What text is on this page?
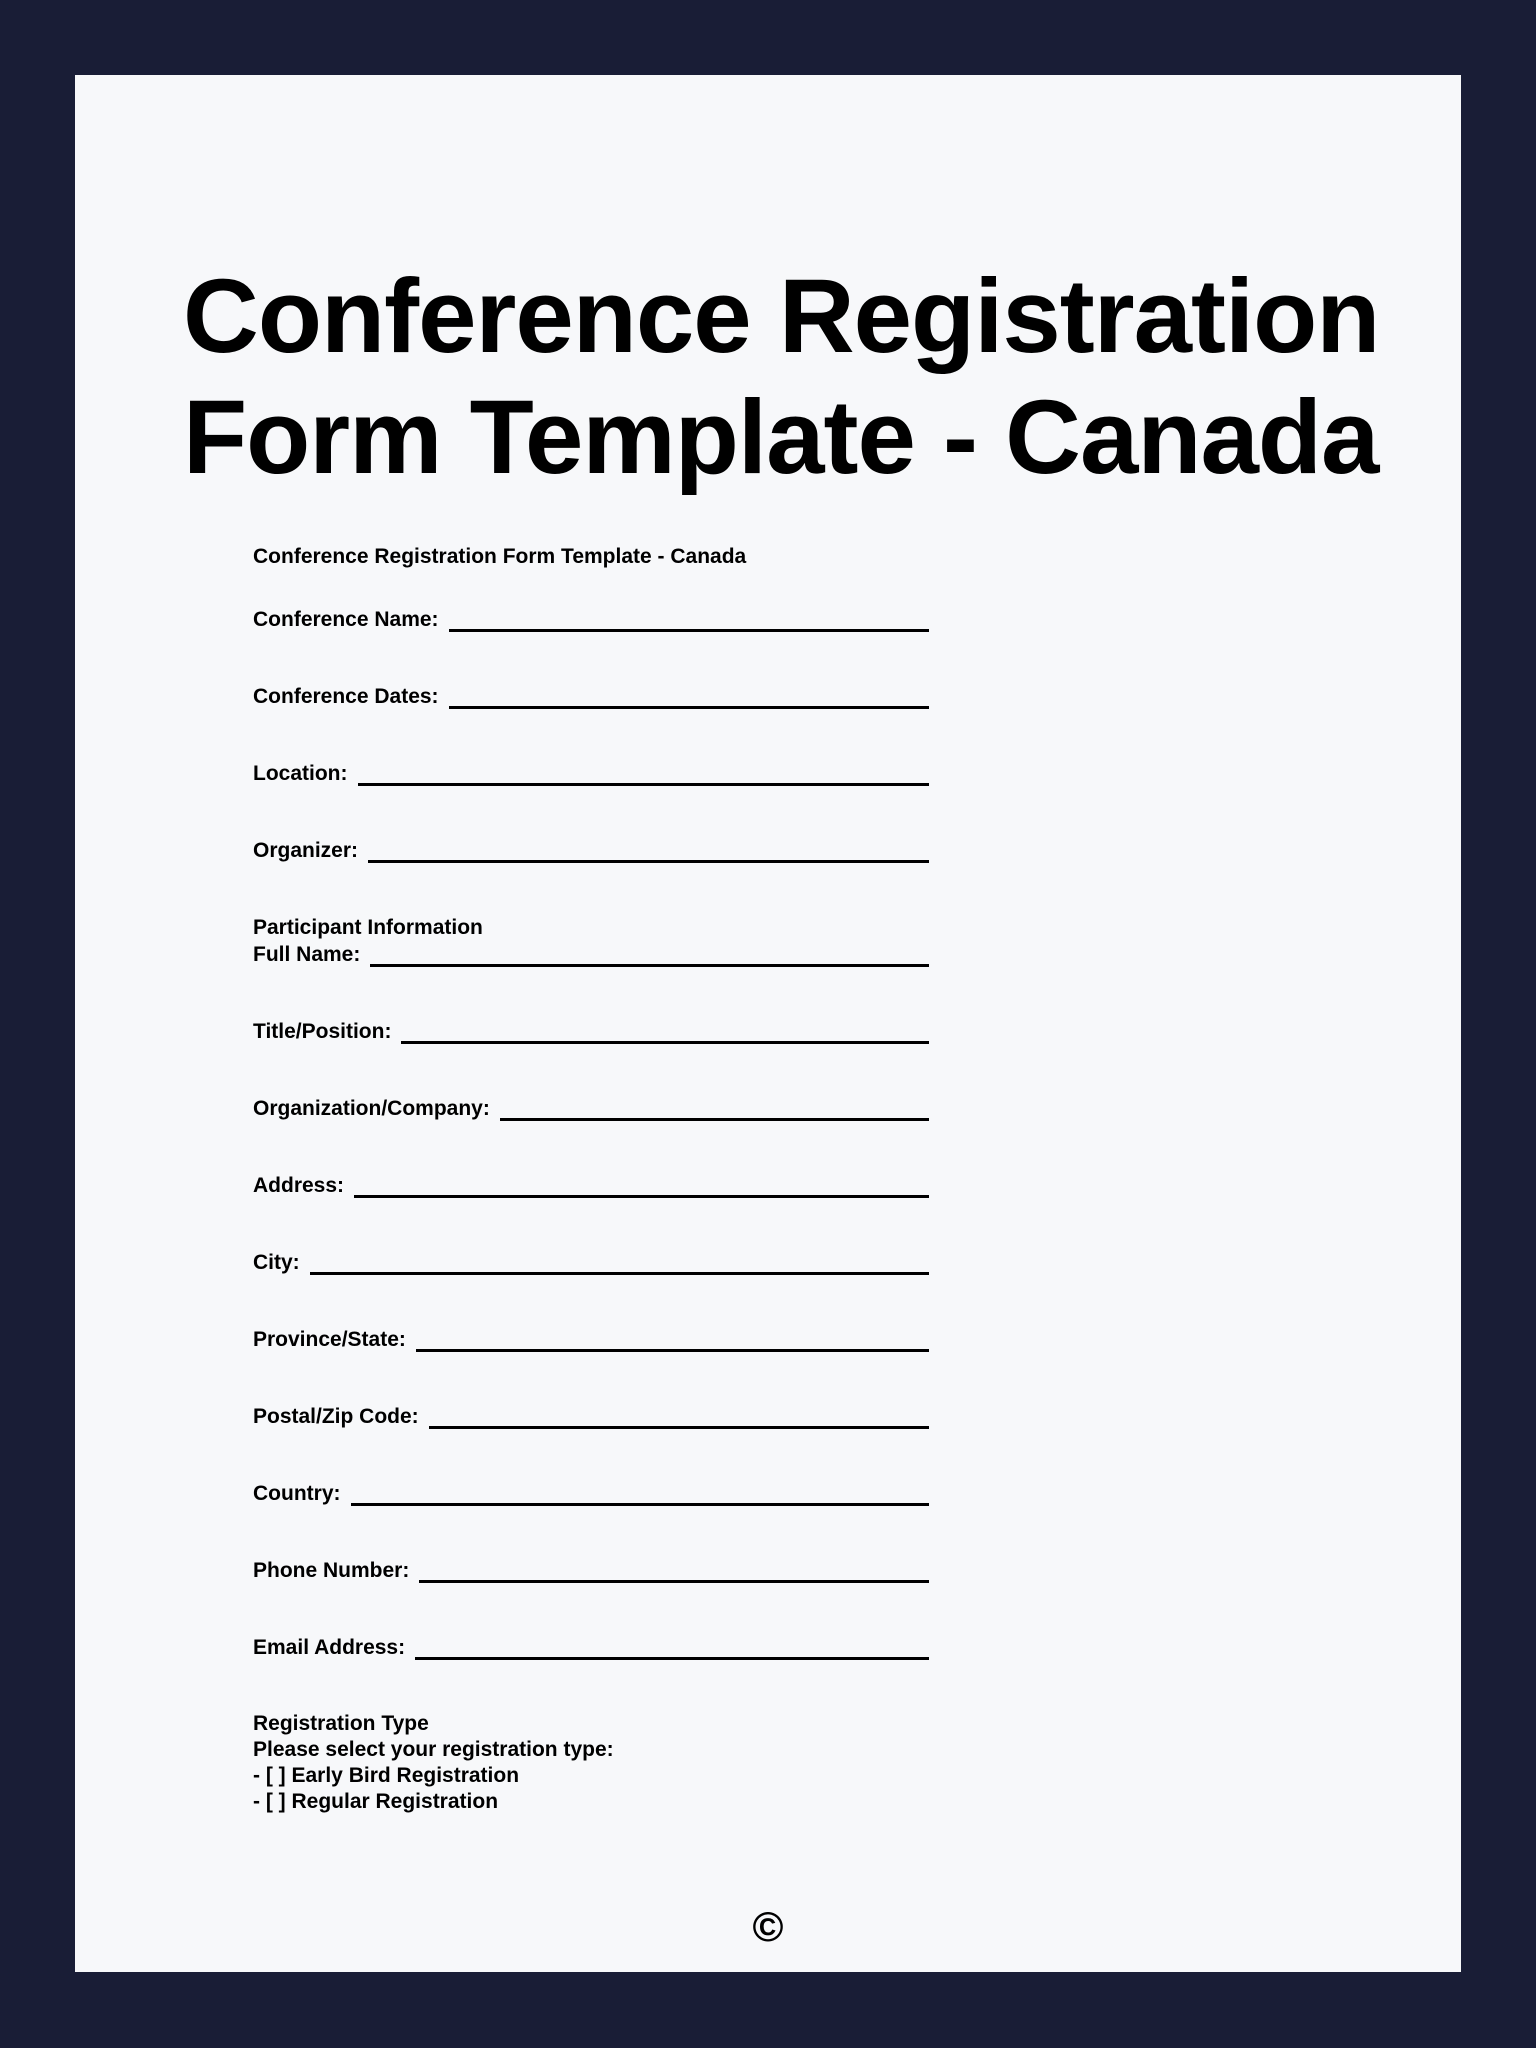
Conference Registration Form Template - Canada

Conference Registration Form Template - Canada

Conference Name:
Conference Dates:
Location:
Organizer:

Participant Information

Full Name:
Title/Position:
Organization/Company:
Address:
City:
Province/State:
Postal/Zip Code:
Country:
Phone Number:
Email Address:

Registration Type

Please select your registration type:

- [ ] Early Bird Registration

- [ ] Regular Registration

©
